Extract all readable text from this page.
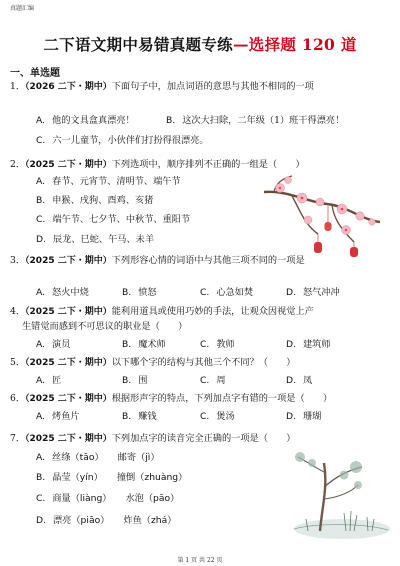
真题汇编
二下语文期中易错真题专练—选择题 120 道
一、单选题
1．（2026 二下・期中）下面句子中，加点词语的意思与其他不相同的一项
A. 他的文具盒真漂亮！	B. 这次大扫除，二年级（1）班干得漂亮！
C. 六一儿童节，小伙伴们打扮得很漂亮。
2．（2025 二下・期中）下列选项中，顺序排列不正确的一组是（　　）
A. 春节、元宵节、清明节、端午节
B. 申猴、戌狗、酉鸡、亥猪
C. 端午节、七夕节、中秋节、重阳节
D. 辰龙、巳蛇、午马、未羊
3．（2025 二下・期中）下列形容心情的词语中与其他三项不同的一项是
A. 怒火中烧	B. 愤怒	C. 心急如焚	D. 怒气冲冲
4．（2025 二下・期中）能利用道具或使用巧妙的手法，让观众因视觉上产
生错觉而感到不可思议的职业是（　　）
A. 演员	B. 魔术师	C. 教师	D. 建筑师
5．（2025 二下・期中）以下哪个字的结构与其他三个不同？（　　）
A. 匠	B. 围	C. 周	D. 凤
6．（2025 二下・期中）根据形声字的特点，下列加点字有错的一项是（　　）
A. 烤鱼片	B. 赚钱	C. 煲汤	D. 珊瑚
7．（2025 二下・期中）下列加点字的读音完全正确的一项是（　　）
A. 丝绦（tāo） 邮寄（jì）
B. 晶莹（yín） 撞倒（zhuàng）
C. 商量（liàng） 水泡（pāo）
D. 漂亮（piāo） 炸鱼（zhá）
第 1 页 共 22 页
